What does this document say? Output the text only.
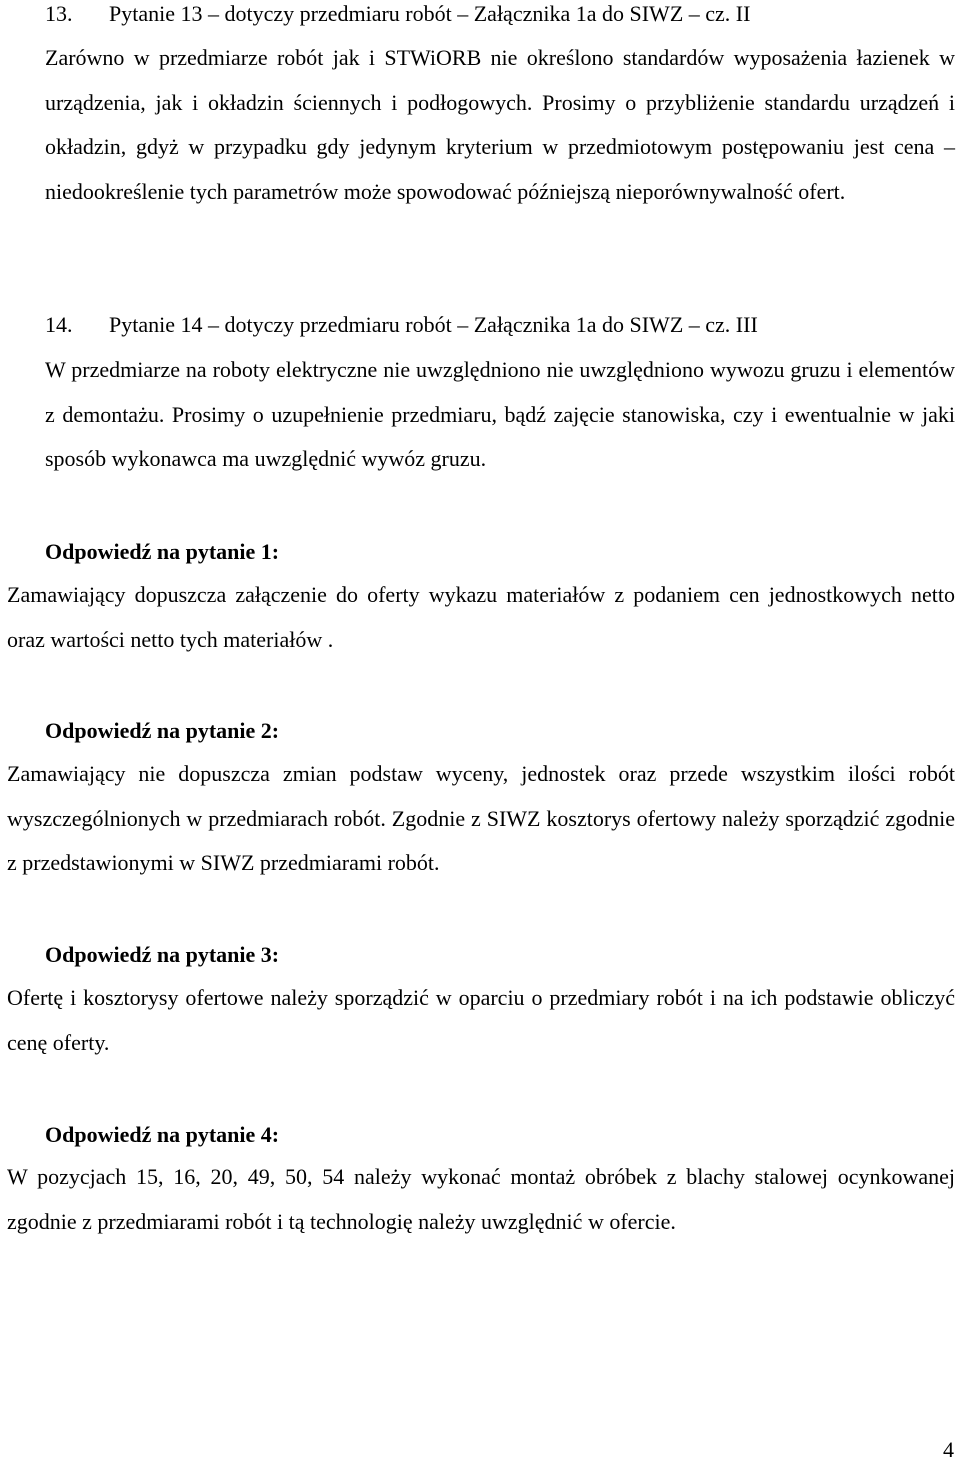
13. Pytanie 13 – dotyczy przedmiaru robót – Załącznika 1a do SIWZ – cz. II

Zarówno w przedmiarze robót jak i STWiORB nie określono standardów wyposażenia łazienek w urządzenia, jak i okładzin ściennych i podłogowych. Prosimy o przybliżenie standardu urządzeń i okładzin, gdyż w przypadku gdy jedynym kryterium w przedmiotowym postępowaniu jest cena – niedookreślenie tych parametrów może spowodować późniejszą nieporównywalność ofert.

14. Pytanie 14 – dotyczy przedmiaru robót – Załącznika 1a do SIWZ – cz. III

W przedmiarze na roboty elektryczne nie uwzględniono nie uwzględniono wywozu gruzu i elementów z demontażu. Prosimy o uzupełnienie przedmiaru, bądź zajęcie stanowiska, czy i ewentualnie w jaki sposób wykonawca ma uwzględnić wywóz gruzu.

Odpowiedź na pytanie 1:

Zamawiający dopuszcza załączenie do oferty wykazu materiałów z podaniem cen jednostkowych netto oraz wartości netto tych materiałów .

Odpowiedź na pytanie 2:

Zamawiający nie dopuszcza zmian podstaw wyceny, jednostek oraz przede wszystkim ilości robót wyszczególnionych w przedmiarach robót. Zgodnie z SIWZ kosztorys ofertowy należy sporządzić zgodnie z przedstawionymi w SIWZ przedmiarami robót.

Odpowiedź na pytanie 3:

Ofertę i kosztorysy ofertowe należy sporządzić w oparciu o przedmiary robót i na ich podstawie obliczyć cenę oferty.

Odpowiedź na pytanie 4:

W pozycjach 15, 16, 20, 49, 50, 54 należy wykonać montaż obróbek z blachy stalowej ocynkowanej zgodnie z przedmiarami robót i tą technologię należy uwzględnić w ofercie.

4
